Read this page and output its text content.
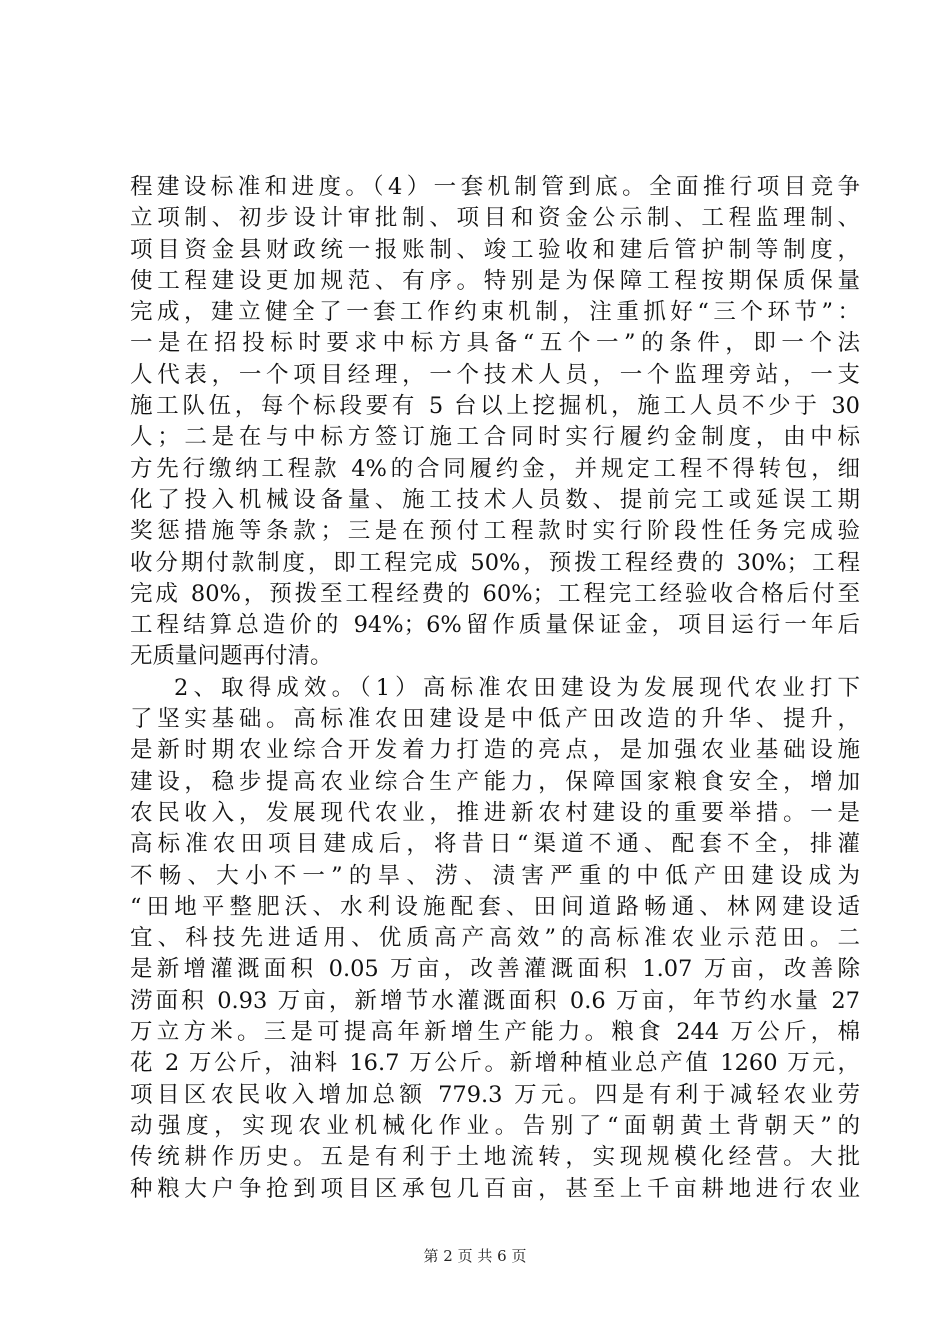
程建设标准和进度。（4）一套机制管到底。全面推行项目竞争
立项制、初步设计审批制、项目和资金公示制、工程监理制、
项目资金县财政统一报账制、竣工验收和建后管护制等制度，
使工程建设更加规范、有序。特别是为保障工程按期保质保量
完成，建立健全了一套工作约束机制，注重抓好“三个环节”：
一是在招投标时要求中标方具备“五个一”的条件，即一个法
人代表，一个项目经理，一个技术人员，一个监理旁站，一支
施工队伍，每个标段要有 5 台以上挖掘机，施工人员不少于 30
人；二是在与中标方签订施工合同时实行履约金制度，由中标
方先行缴纳工程款 4%的合同履约金，并规定工程不得转包，细
化了投入机械设备量、施工技术人员数、提前完工或延误工期
奖惩措施等条款；三是在预付工程款时实行阶段性任务完成验
收分期付款制度，即工程完成 50%，预拨工程经费的 30%；工程
完成 80%，预拨至工程经费的 60%；工程完工经验收合格后付至
工程结算总造价的 94%；6%留作质量保证金，项目运行一年后
无质量问题再付清。
2、取得成效。（1）高标准农田建设为发展现代农业打下
了坚实基础。高标准农田建设是中低产田改造的升华、提升，
是新时期农业综合开发着力打造的亮点，是加强农业基础设施
建设，稳步提高农业综合生产能力，保障国家粮食安全，增加
农民收入，发展现代农业，推进新农村建设的重要举措。一是
高标准农田项目建成后，将昔日“渠道不通、配套不全，排灌
不畅、大小不一”的旱、涝、渍害严重的中低产田建设成为
“田地平整肥沃、水利设施配套、田间道路畅通、林网建设适
宜、科技先进适用、优质高产高效”的高标准农业示范田。二
是新增灌溉面积 0.05 万亩，改善灌溉面积 1.07 万亩，改善除
涝面积 0.93 万亩，新增节水灌溉面积 0.6 万亩，年节约水量 27
万立方米。三是可提高年新增生产能力。粮食 244 万公斤，棉
花 2 万公斤，油料 16.7 万公斤。新增种植业总产值 1260 万元，
项目区农民收入增加总额 779.3 万元。四是有利于减轻农业劳
动强度，实现农业机械化作业。告别了“面朝黄土背朝天”的
传统耕作历史。五是有利于土地流转，实现规模化经营。大批
种粮大户争抢到项目区承包几百亩，甚至上千亩耕地进行农业
第 2 页 共 6 页
